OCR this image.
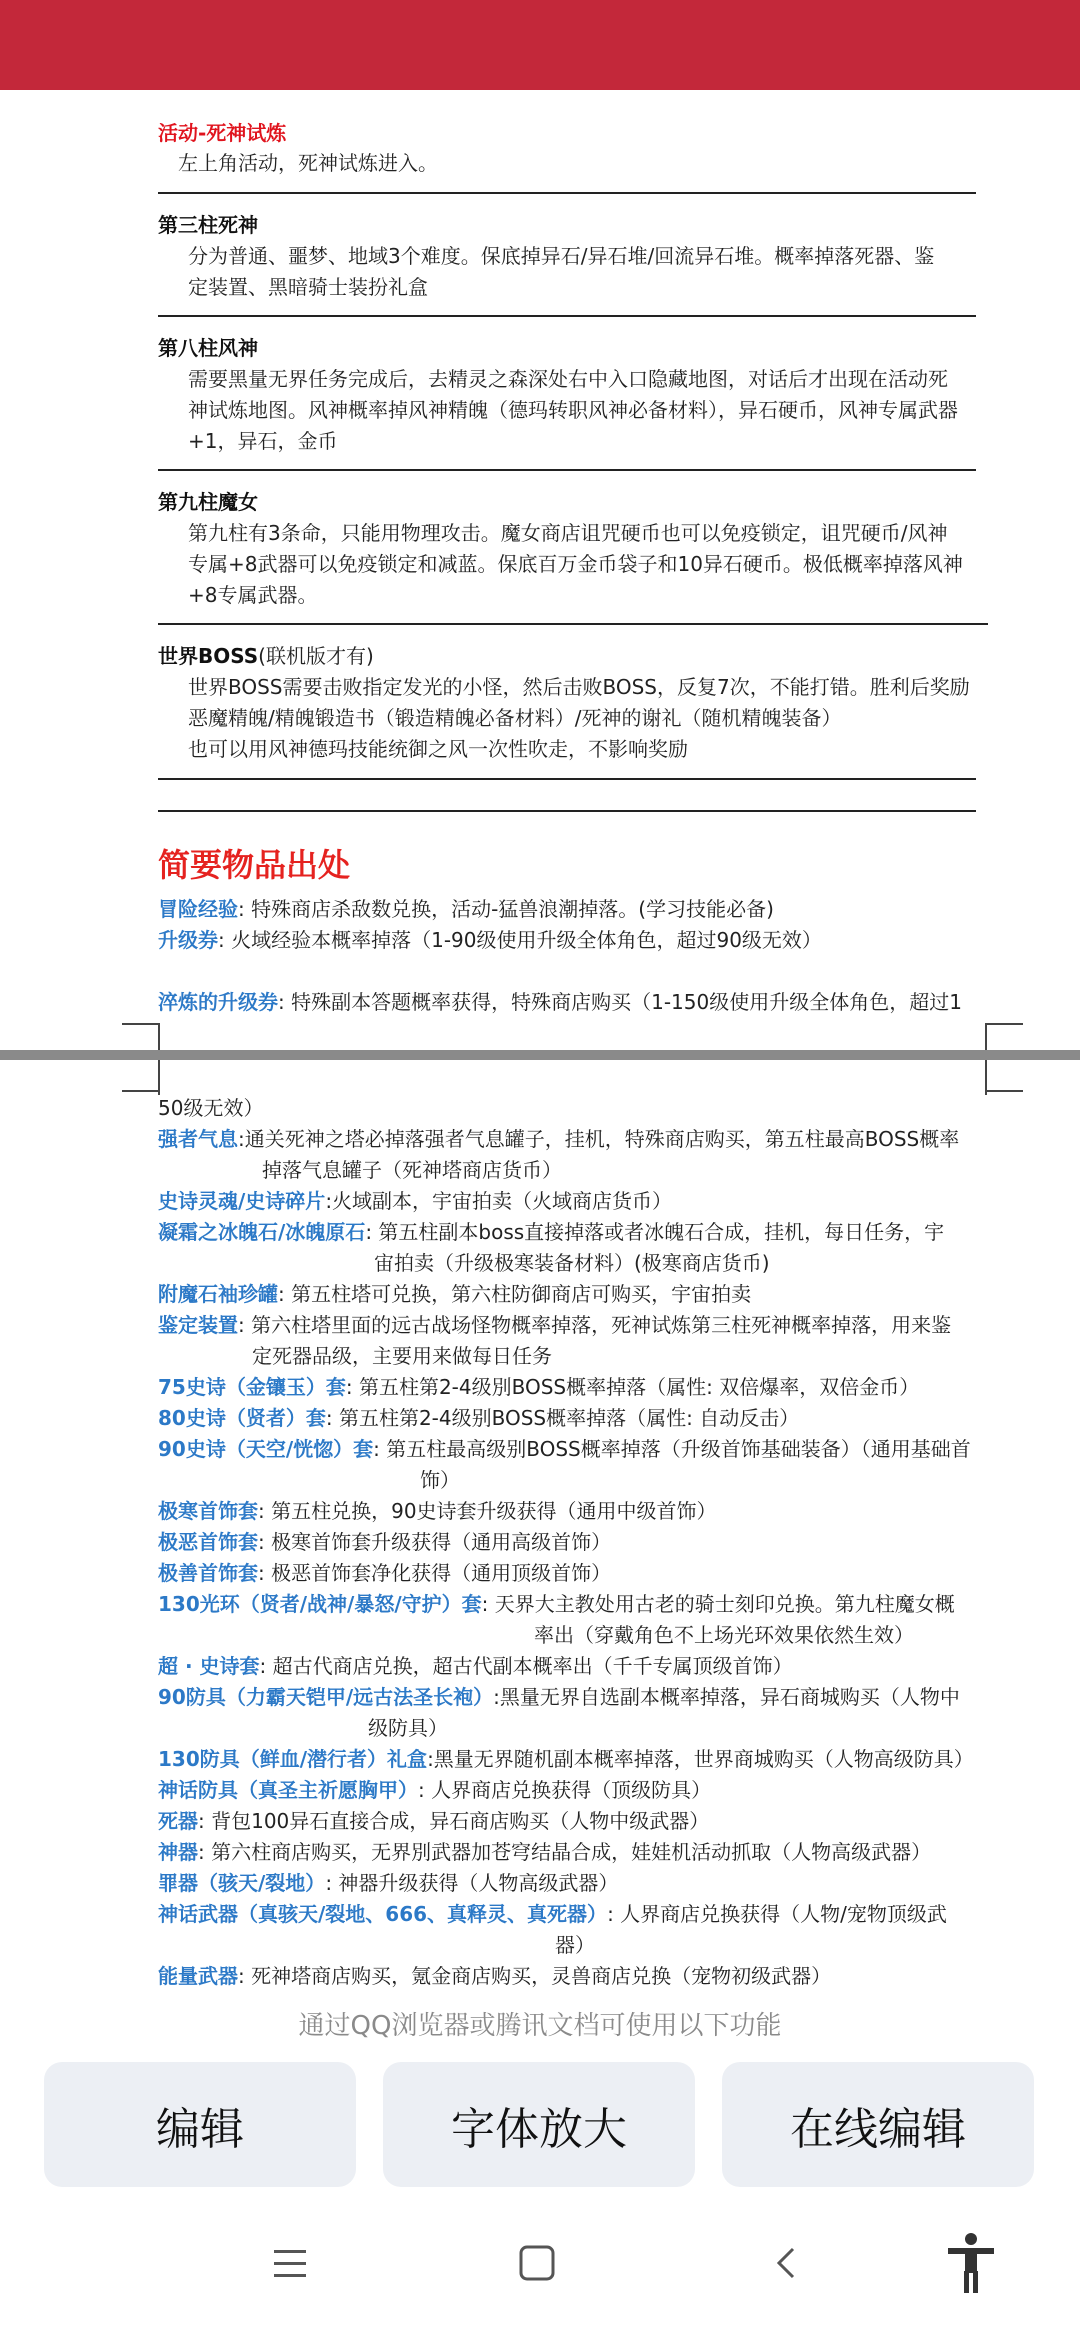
活动-死神试炼
左上角活动，死神试炼进入。
第三柱死神
分为普通、噩梦、地域3个难度。保底掉异石/异石堆/回流异石堆。概率掉落死器、鉴
定装置、黑暗骑士装扮礼盒
第八柱风神
需要黑量无界任务完成后，去精灵之森深处右中入口隐藏地图，对话后才出现在活动死
神试炼地图。风神概率掉风神精魄（德玛转职风神必备材料），异石硬币，风神专属武器
+1，异石，金币
第九柱魔女
第九柱有3条命，只能用物理攻击。魔女商店诅咒硬币也可以免疫锁定，诅咒硬币/风神
专属+8武器可以免疫锁定和减蓝。保底百万金币袋子和10异石硬币。极低概率掉落风神
+8专属武器。
世界BOSS(联机版才有)
世界BOSS需要击败指定发光的小怪，然后击败BOSS，反复7次，不能打错。胜利后奖励
恶魔精魄/精魄锻造书（锻造精魄必备材料）/死神的谢礼（随机精魄装备）
也可以用风神德玛技能统御之风一次性吹走，不影响奖励
简要物品出处
冒险经验: 特殊商店杀敌数兑换，活动-猛兽浪潮掉落。(学习技能必备)
升级券: 火域经验本概率掉落（1-90级使用升级全体角色，超过90级无效）
淬炼的升级券: 特殊副本答题概率获得，特殊商店购买（1-150级使用升级全体角色，超过1
50级无效）
强者气息:通关死神之塔必掉落强者气息罐子，挂机，特殊商店购买，第五柱最高BOSS概率
掉落气息罐子（死神塔商店货币）
史诗灵魂/史诗碎片:火域副本，宇宙拍卖（火域商店货币）
凝霜之冰魄石/冰魄原石: 第五柱副本boss直接掉落或者冰魄石合成，挂机，每日任务，宇
宙拍卖（升级极寒装备材料）(极寒商店货币)
附魔石袖珍罐: 第五柱塔可兑换，第六柱防御商店可购买，宇宙拍卖
鉴定装置: 第六柱塔里面的远古战场怪物概率掉落，死神试炼第三柱死神概率掉落，用来鉴
定死器品级，主要用来做每日任务
75史诗（金镶玉）套: 第五柱第2-4级別BOSS概率掉落（属性: 双倍爆率，双倍金币）
80史诗（贤者）套: 第五柱第2-4级别BOSS概率掉落（属性: 自动反击）
90史诗（天空/恍惚）套: 第五柱最高级别BOSS概率掉落（升级首饰基础装备）（通用基础首
饰）
极寒首饰套: 第五柱兑换，90史诗套升级获得（通用中级首饰）
极恶首饰套: 极寒首饰套升级获得（通用高级首饰）
极善首饰套: 极恶首饰套净化获得（通用顶级首饰）
130光环（贤者/战神/暴怒/守护）套: 天界大主教处用古老的骑士刻印兑换。第九柱魔女概
率出（穿戴角色不上场光环效果依然生效）
超 · 史诗套: 超古代商店兑换，超古代副本概率出（千千专属顶级首饰）
90防具（力霸天铠甲/远古法圣长袍）:黑量无界自选副本概率掉落，异石商城购买（人物中
级防具）
130防具（鲜血/潜行者）礼盒:黑量无界随机副本概率掉落，世界商城购买（人物高级防具）
神话防具（真圣主祈愿胸甲）: 人界商店兑换获得（顶级防具）
死器: 背包100异石直接合成，异石商店购买（人物中级武器）
神器: 第六柱商店购买，无界別武器加苍穹结晶合成，娃娃机活动抓取（人物高级武器）
罪器（骇天/裂地）: 神器升级获得（人物高级武器）
神话武器（真骇天/裂地、666、真释灵、真死器）: 人界商店兑换获得（人物/宠物顶级武
器）
能量武器: 死神塔商店购买，氪金商店购买，灵兽商店兑换（宠物初级武器）
通过QQ浏览器或腾讯文档可使用以下功能
编辑	字体放大	在线编辑
